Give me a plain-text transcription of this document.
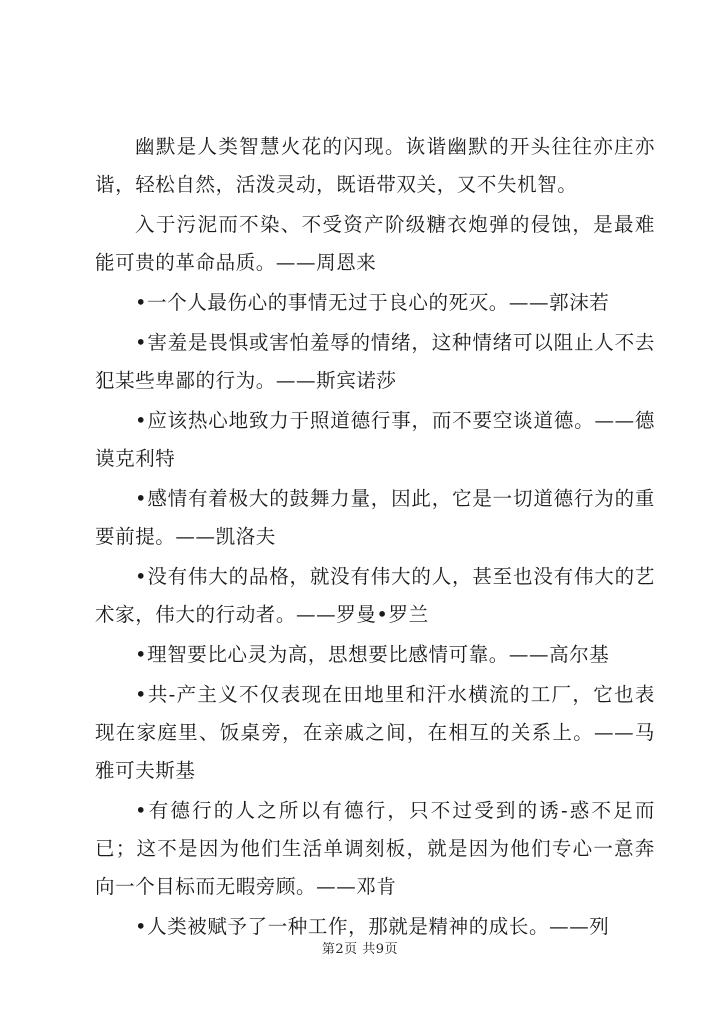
幽默是人类智慧火花的闪现。诙谐幽默的开头往往亦庄亦谐，轻松自然，活泼灵动，既语带双关，又不失机智。

入于污泥而不染、不受资产阶级糖衣炮弹的侵蚀，是最难能可贵的革命品质。——周恩来

•一个人最伤心的事情无过于良心的死灭。——郭沫若

•害羞是畏惧或害怕羞辱的情绪，这种情绪可以阻止人不去犯某些卑鄙的行为。——斯宾诺莎

•应该热心地致力于照道德行事，而不要空谈道德。——德谟克利特

•感情有着极大的鼓舞力量，因此，它是一切道德行为的重要前提。——凯洛夫

•没有伟大的品格，就没有伟大的人，甚至也没有伟大的艺术家，伟大的行动者。——罗曼•罗兰

•理智要比心灵为高，思想要比感情可靠。——高尔基

•共-产主义不仅表现在田地里和汗水横流的工厂，它也表现在家庭里、饭桌旁，在亲戚之间，在相互的关系上。——马雅可夫斯基

•有德行的人之所以有德行，只不过受到的诱-惑不足而已；这不是因为他们生活单调刻板，就是因为他们专心一意奔向一个目标而无暇旁顾。——邓肯

•人类被赋予了一种工作，那就是精神的成长。——列

第2页 共9页
